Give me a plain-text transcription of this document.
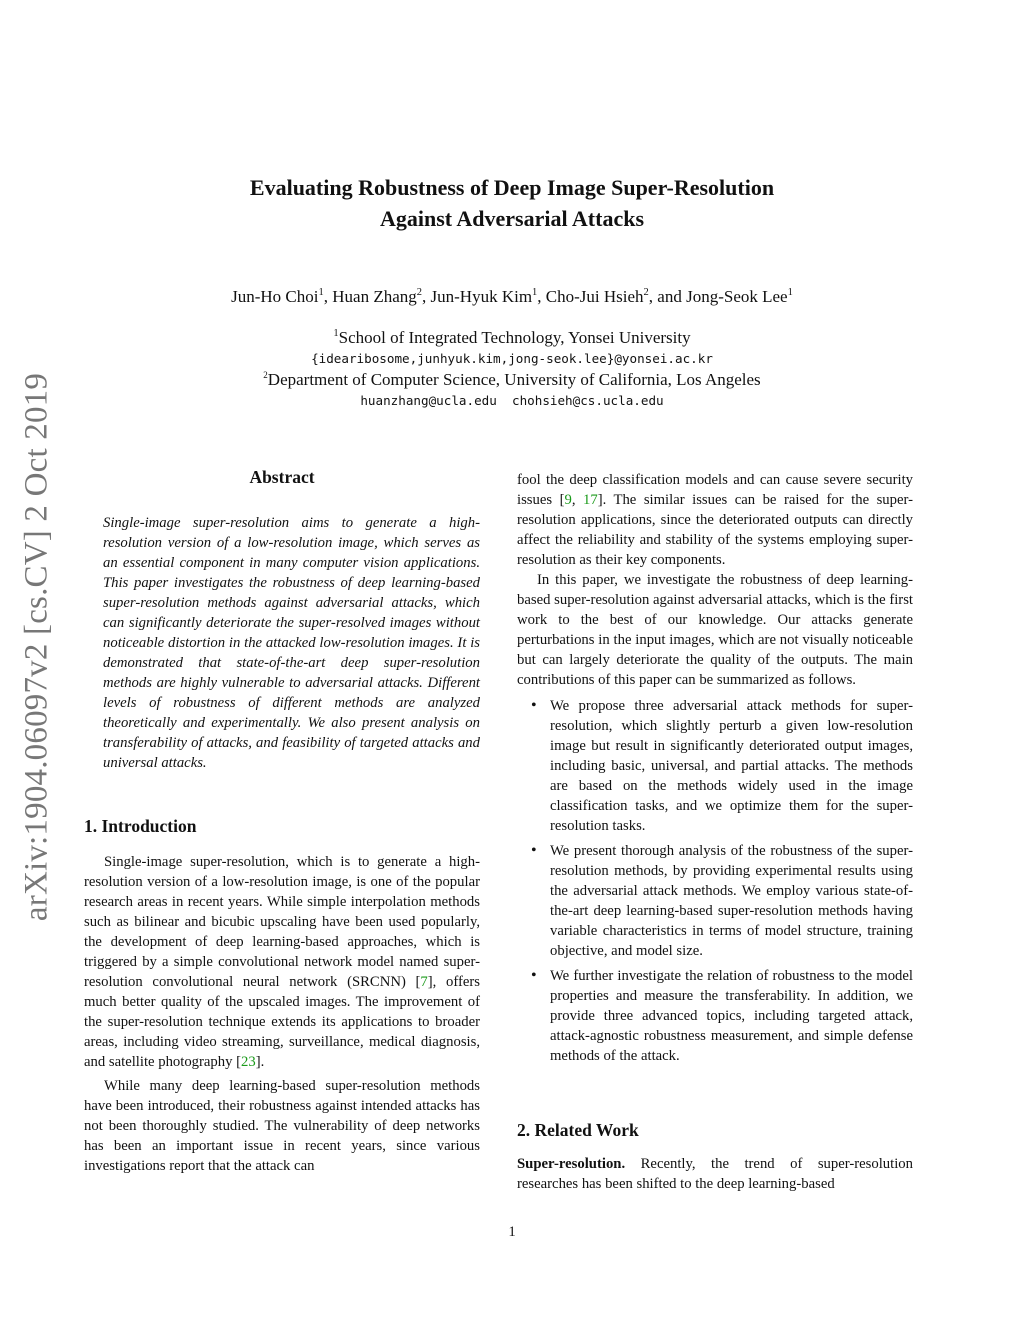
arXiv:1904.06097v2 [cs.CV] 2 Oct 2019
Evaluating Robustness of Deep Image Super-Resolution
Against Adversarial Attacks
Jun-Ho Choi$^1$, Huan Zhang$^2$, Jun-Hyuk Kim$^1$, Cho-Jui Hsieh$^2$, and Jong-Seok Lee$^1$
$^1$School of Integrated Technology, Yonsei University
{idearibosome,junhyuk.kim,jong-seok.lee}@yonsei.ac.kr
$^2$Department of Computer Science, University of California, Los Angeles
huanzhang@ucla.edu  chohsieh@cs.ucla.edu
Abstract

Single-image super-resolution aims to generate a high-resolution version of a low-resolution image, which serves as an essential component in many computer vision applications. This paper investigates the robustness of deep learning-based super-resolution methods against adversarial attacks, which can significantly deteriorate the super-resolved images without noticeable distortion in the attacked low-resolution images. It is demonstrated that state-of-the-art deep super-resolution methods are highly vulnerable to adversarial attacks. Different levels of robustness of different methods are analyzed theoretically and experimentally. We also present analysis on transferability of attacks, and feasibility of targeted attacks and universal attacks.

1. Introduction

Single-image super-resolution, which is to generate a high-resolution version of a low-resolution image, is one of the popular research areas in recent years. While simple interpolation methods such as bilinear and bicubic upscaling have been used popularly, the development of deep learning-based approaches, which is triggered by a simple convolutional network model named super-resolution convolutional neural network (SRCNN) [7], offers much better quality of the upscaled images. The improvement of the super-resolution technique extends its applications to broader areas, including video streaming, surveillance, medical diagnosis, and satellite photography [23].

While many deep learning-based super-resolution methods have been introduced, their robustness against intended attacks has not been thoroughly studied. The vulnerability of deep networks has been an important issue in recent years, since various investigations report that the attack can

fool the deep classification models and can cause severe security issues [9, 17]. The similar issues can be raised for the super-resolution applications, since the deteriorated outputs can directly affect the reliability and stability of the systems employing super-resolution as their key components.

In this paper, we investigate the robustness of deep learning-based super-resolution against adversarial attacks, which is the first work to the best of our knowledge. Our attacks generate perturbations in the input images, which are not visually noticeable but can largely deteriorate the quality of the outputs. The main contributions of this paper can be summarized as follows.

• We propose three adversarial attack methods for super-resolution, which slightly perturb a given low-resolution image but result in significantly deteriorated output images, including basic, universal, and partial attacks. The methods are based on the methods widely used in the image classification tasks, and we optimize them for the super-resolution tasks.
• We present thorough analysis of the robustness of the super-resolution methods, by providing experimental results using the adversarial attack methods. We employ various state-of-the-art deep learning-based super-resolution methods having variable characteristics in terms of model structure, training objective, and model size.
• We further investigate the relation of robustness to the model properties and measure the transferability. In addition, we provide three advanced topics, including targeted attack, attack-agnostic robustness measurement, and simple defense methods of the attack.
2. Related Work

Super-resolution. Recently, the trend of super-resolution researches has been shifted to the deep learning-based

1
